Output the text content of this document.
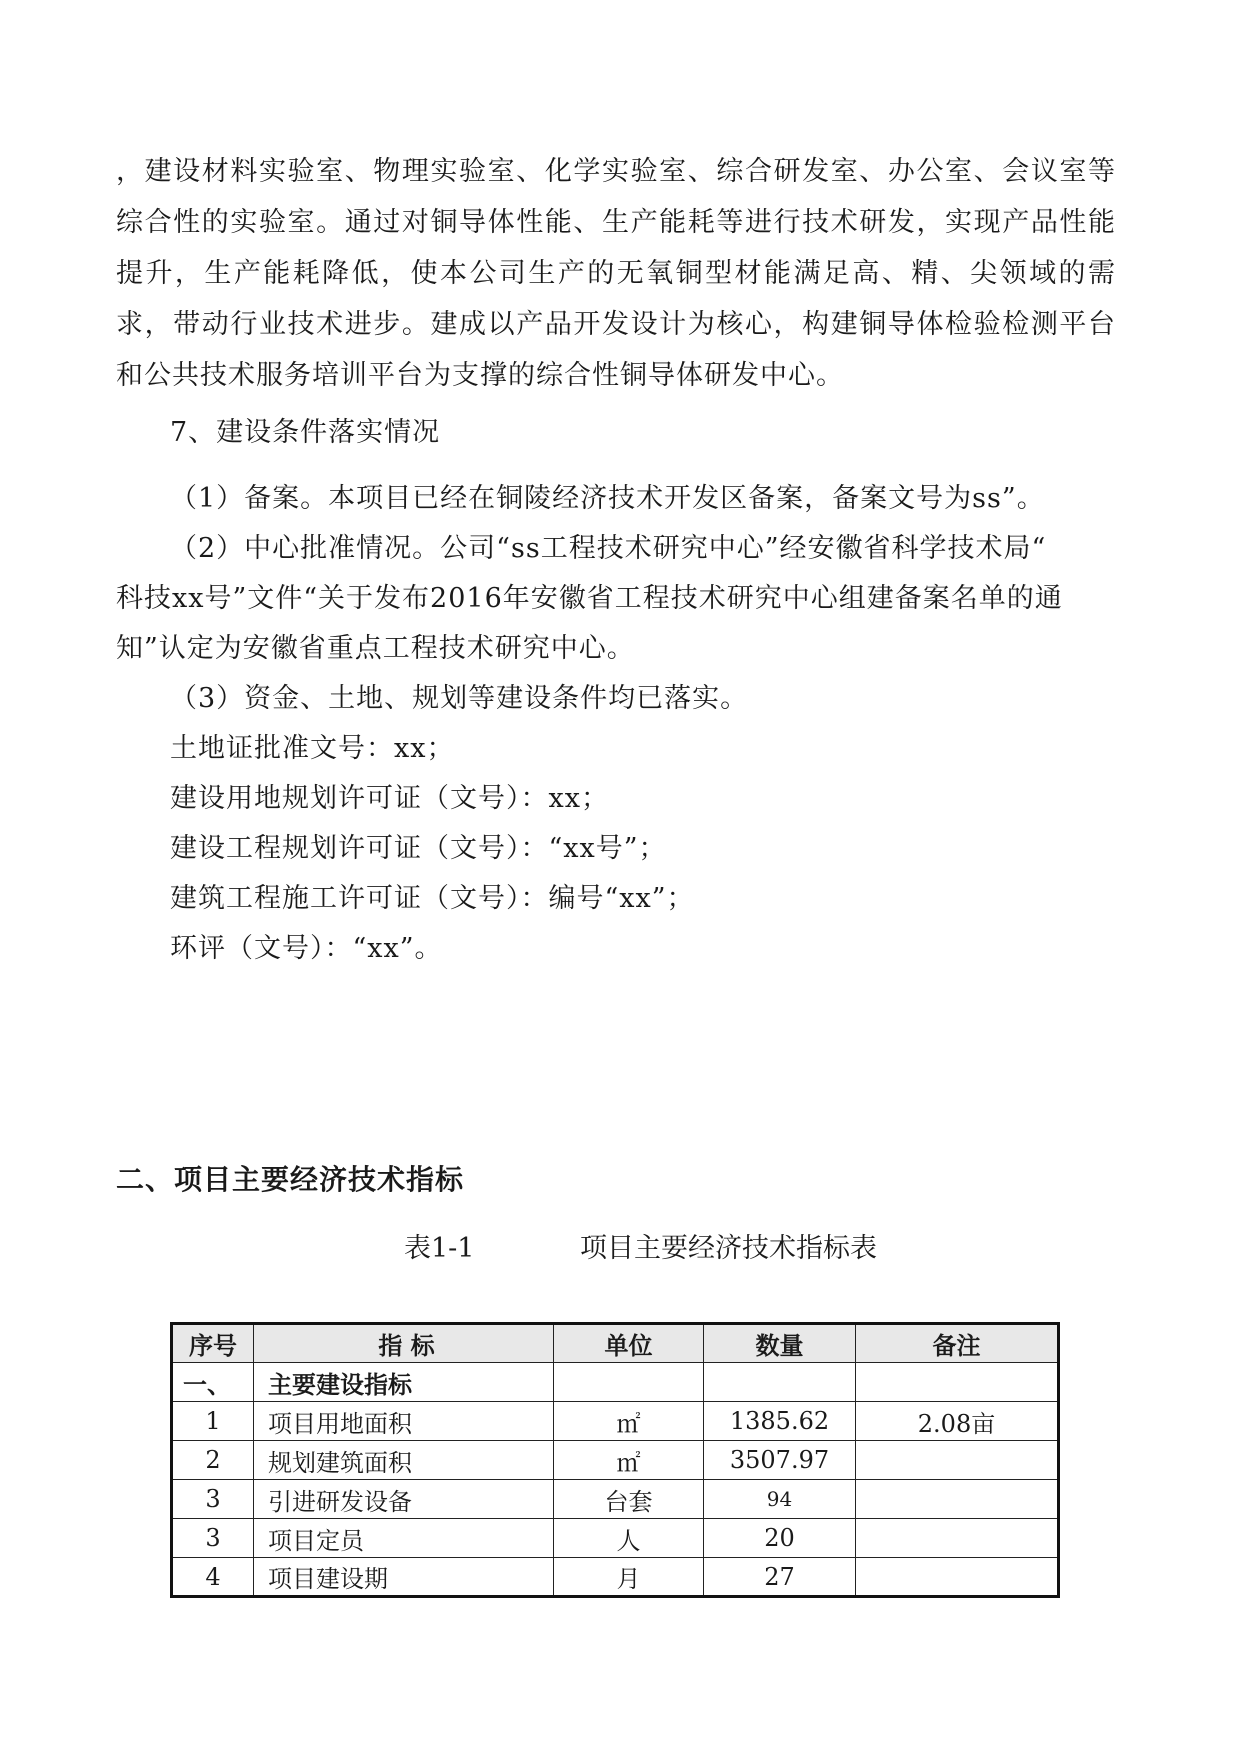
，建设材料实验室、物理实验室、化学实验室、综合研发室、办公室、会议室等综合性的实验室。通过对铜导体性能、生产能耗等进行技术研发，实现产品性能提升，生产能耗降低，使本公司生产的无氧铜型材能满足高、精、尖领域的需求，带动行业技术进步。建成以产品开发设计为核心，构建铜导体检验检测平台和公共技术服务培训平台为支撑的综合性铜导体研发中心。
7、建设条件落实情况
（1）备案。本项目已经在铜陵经济技术开发区备案，备案文号为ss”。
（2）中心批准情况。公司“ss工程技术研究中心”经安徽省科学技术局“
科技xx号”文件“关于发布2016年安徽省工程技术研究中心组建备案名单的通
知”认定为安徽省重点工程技术研究中心。
（3）资金、土地、规划等建设条件均已落实。
土地证批准文号：xx；
建设用地规划许可证（文号）：xx；
建设工程规划许可证（文号）：“xx号”；
建筑工程施工许可证（文号）：编号“xx”；
环评（文号）：“xx”。
二、项目主要经济技术指标
表1-1	项目主要经济技术指标表
序号	指 标	单位	数量	备注
一、	主要建设指标			
1	项目用地面积	㎡	1385.62	2.08亩
2	规划建筑面积	㎡	3507.97	
3	引进研发设备	台套	94	
3	项目定员	人	20	
4	项目建设期	月	27	
